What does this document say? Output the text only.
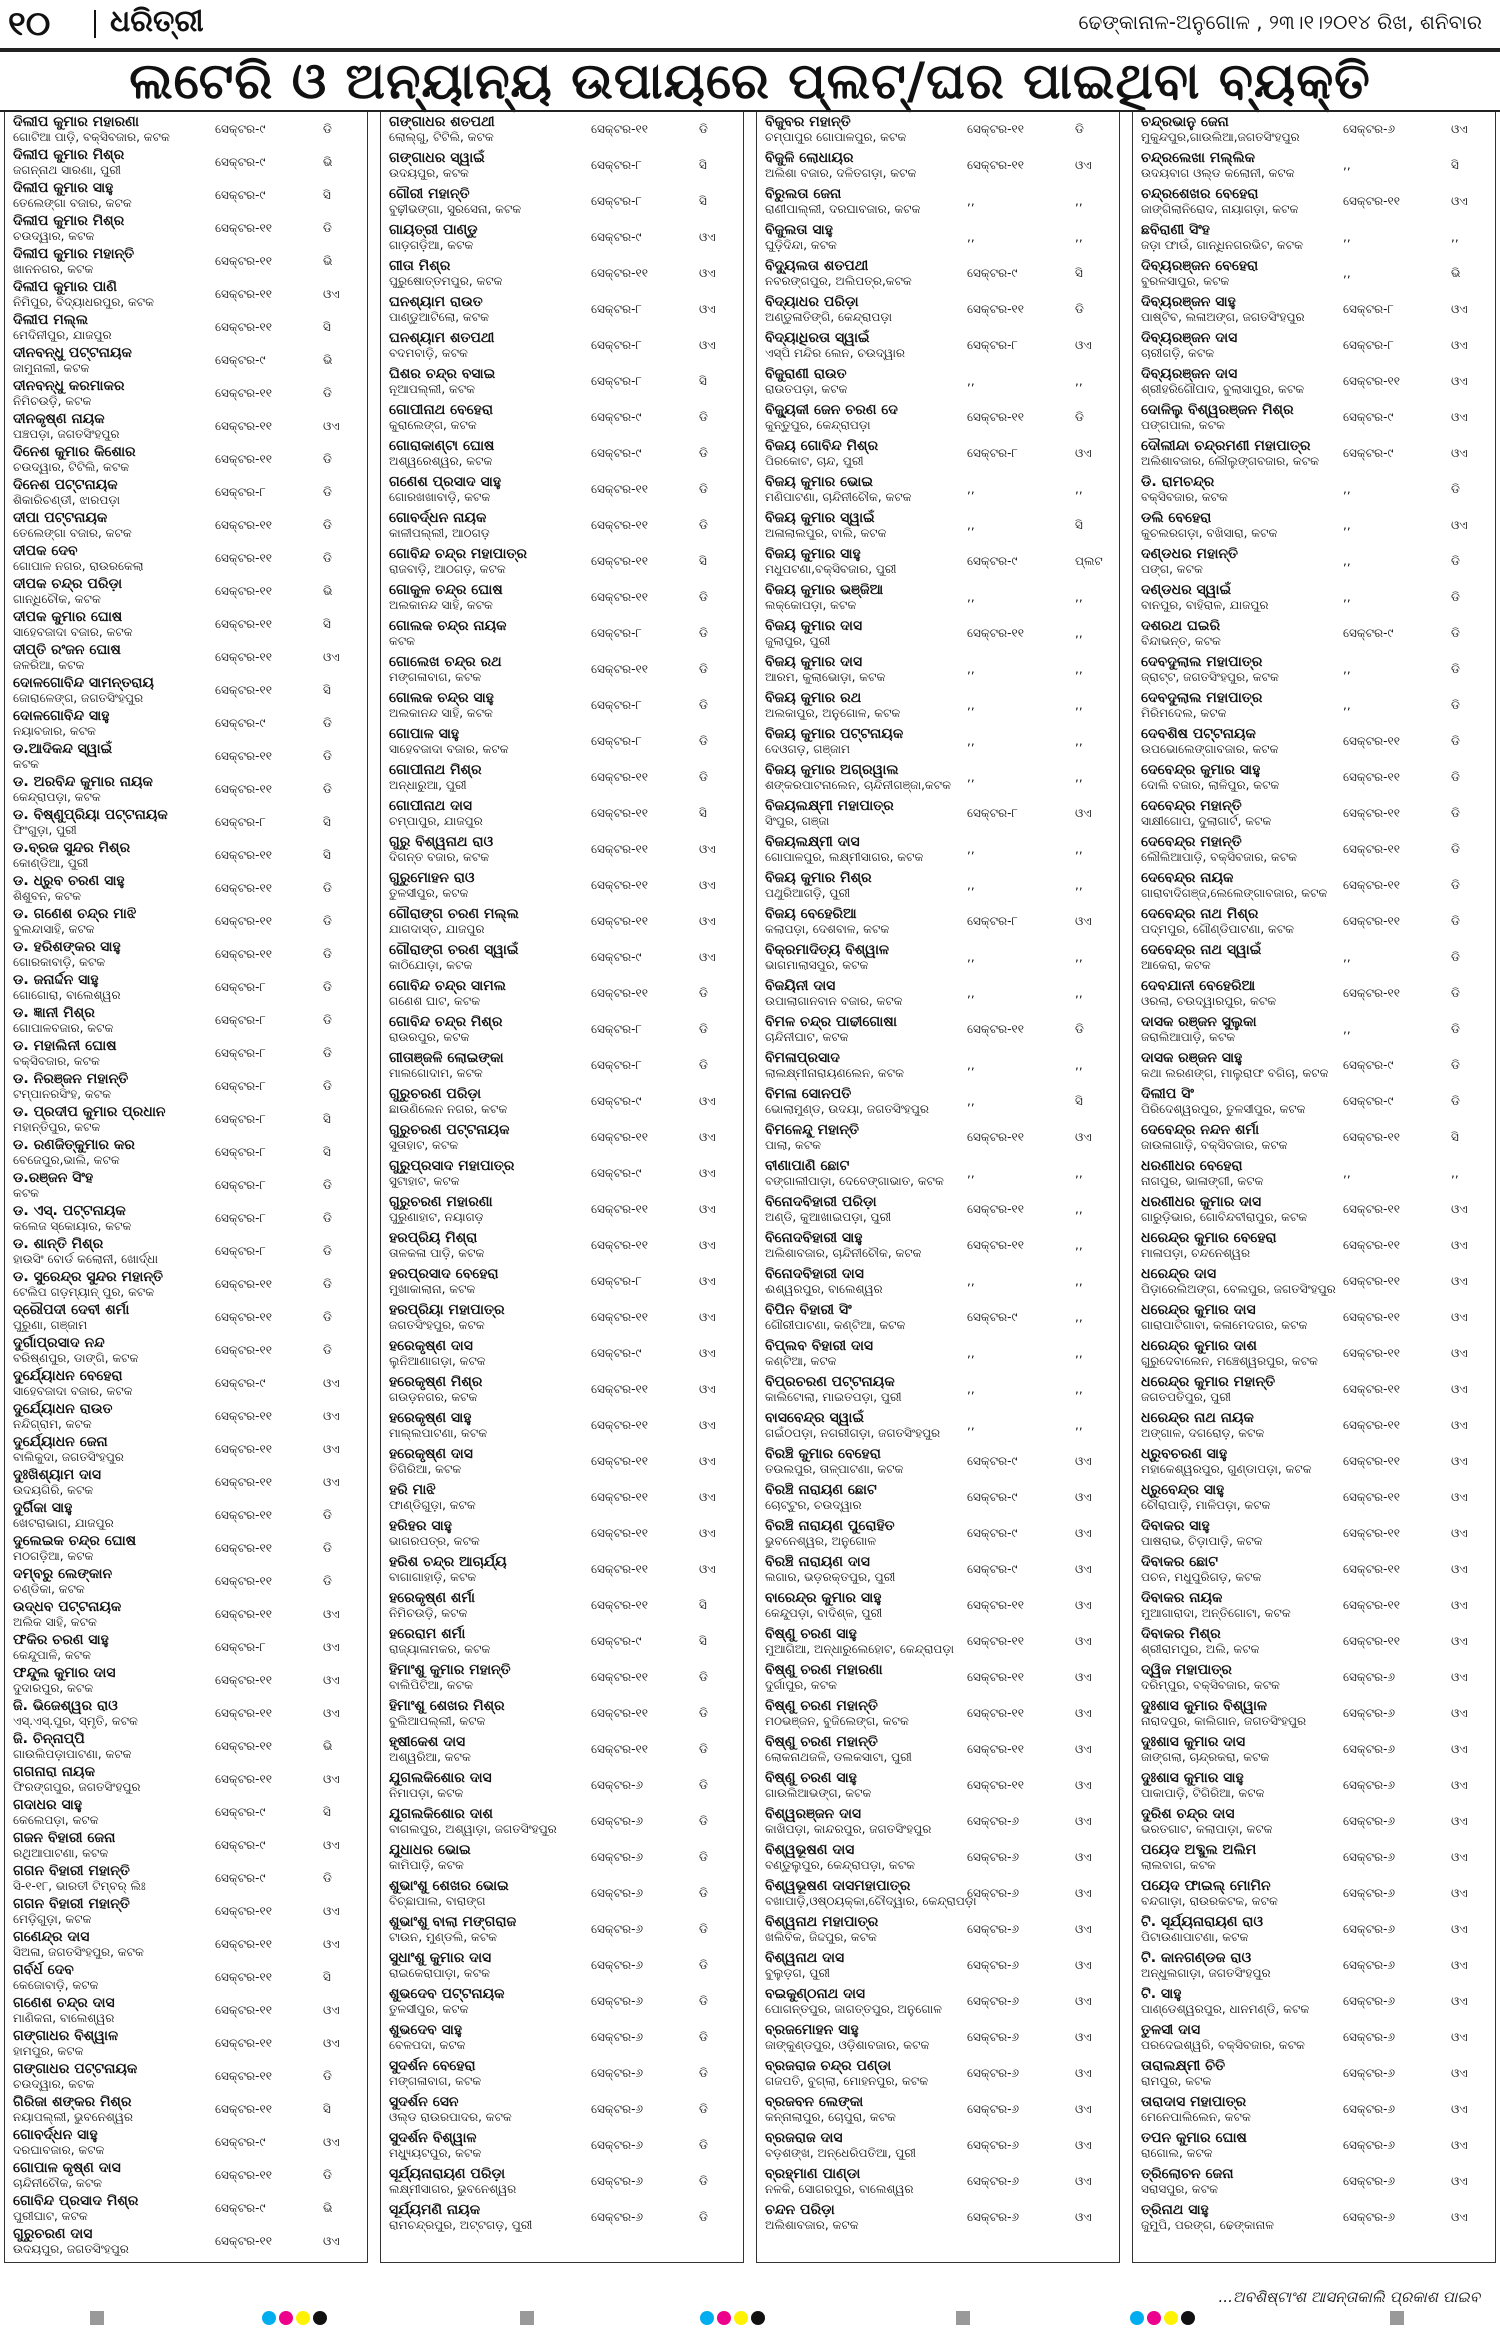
୧୦ ଧରିତ୍ରୀ	ଢେଙ୍କାନାଳ-ଅନୁଗୋଳ , ୨୩।୧।୨୦୧୪ ରିଖ, ଶନିବାର
ଲଟେରି ଓ ଅନ୍ୟାନ୍ୟ ଉପାୟରେ ପ୍ଲଟ୍/ଘର ପାଇଥିବା ବ୍ୟକ୍ତି
ଦିଲୀପ କୁମାର ମହାରଣା
ଗୋଟିଆ ପାଡ଼ି, ବକ୍ସିବଜାର, କଟକ
ସେକ୍ଟର-୯	ଡି
ଦିଲୀପ କୁମାର ମିଶ୍ର
ଜଗନ୍ନାଥ ସାରଣା, ପୁରୀ
ସେକ୍ଟର-୯	ଭି
ଦିଲୀପ କୁମାର ସାହୁ
ତେଲେଙ୍ଗା ବଜାର, କଟକ
ସେକ୍ଟର-୯	ସି
ଦିଲୀପ କୁମାର ମିଶ୍ର
ଚଉଦ୍ୱାର, କଟକ
ସେକ୍ଟର-୧୧	ଡି
ଦିଲୀପ କୁମାର ମହାନ୍ତି
ଖାନନଗର, କଟକ
ସେକ୍ଟର-୧୧	ଭି
ଦିଲୀପ କୁମାର ପାଣି
ନିମିପୁର, ବିଦ୍ୟାଧରପୁର, କଟକ
ସେକ୍ଟର-୧୧	ଓଏ
ଦିଲୀପ ମଲ୍ଲ
ମେଦିନୀପୁର, ଯାଜପୁର
ସେକ୍ଟର-୧୧	ସି
ଦୀନବନ୍ଧୁ ପଟ୍ଟନାୟକ
ଜାମୁନାଲୀ, କଟକ
ସେକ୍ଟର-୯	ଭି
ଦୀନବନ୍ଧୁ କରମାକର
ନିମିଚଉଡ଼ି, କଟକ
ସେକ୍ଟର-୧୧	ଡି
ଦୀନକୃଷ୍ଣ ନାୟକ
ପଞ୍ଚପଡ଼ା, ଜଗତସିଂହପୁର
ସେକ୍ଟର-୧୧	ଓଏ
ଦିନେଶ କୁମାର କିଶୋର
ଚଉଦ୍ୱାର, ଟିଟିଲି, କଟକ
ସେକ୍ଟର-୧୧	ଡି
ଦିନେଶ ପଟ୍ଟନାୟକ
ଶିକାରିଚଣ୍ଡୀ, ଝାରପଡ଼ା
ସେକ୍ଟର-୮	ଡି
ଦୀପା ପଟ୍ଟନାୟକ
ତେଲେଙ୍ଗା ବଜାର, କଟକ
ସେକ୍ଟର-୧୧	ଡି
ଦୀପକ ଦେବ
ଗୋପାଳ ନଗର, ରାଉରକେଲା
ସେକ୍ଟର-୧୧	ଡି
ଦୀପକ ଚନ୍ଦ୍ର ପରିଡ଼ା
ଗାନ୍ଧିଚୌକ, କଟକ
ସେକ୍ଟର-୧୧	ଭି
ଦୀପକ କୁମାର ଘୋଷ
ସାହେବଜାଦା ବଜାର, କଟକ
ସେକ୍ଟର-୧୧	ସି
ଦୀପ୍ତି ରଂଜନ ଘୋଷ
ଜଳରିଆ, କଟକ
ସେକ୍ଟର-୧୧	ଓଏ
ଦୋଳଗୋବିନ୍ଦ ସାମନ୍ତରାୟ
ଜୋରାଳେଙ୍ଗ, ଜଗତସିଂହପୁର
ସେକ୍ଟର-୧୧	ସି
ଦୋଳଗୋବିନ୍ଦ ସାହୁ
ନୟାବଜାର, କଟକ
ସେକ୍ଟର-୯	ଡି
ଡ.ଆଦିକନ୍ଦ ସ୍ୱାଇଁ
କଟକ
ସେକ୍ଟର-୧୧	ଡି
ଡ. ଅରବିନ୍ଦ କୁମାର ନାୟକ
କେନ୍ଦ୍ରାପଡ଼ା, କଟକ
ସେକ୍ଟର-୧୧	ଡି
ଡ. ବିଷ୍ଣୁପ୍ରିୟା ପଟ୍ଟନାୟକ
ଫିଂଗୁଡ଼ା, ପୁରୀ
ସେକ୍ଟର-୮	ସି
ଡ.ବ୍ରଜ ସୁନ୍ଦର ମିଶ୍ର
କୋଣ୍ଡିଆ, ପୁରୀ
ସେକ୍ଟର-୧୧	ସି
ଡ. ଧ୍ରୁବ ଚରଣ ସାହୁ
ଶିଶୁବନ, କଟକ
ସେକ୍ଟର-୧୧	ଡି
ଡ. ଗଣେଶ ଚନ୍ଦ୍ର ମାଝି
ବୁଲନ୍ଦାସାହି, କଟକ
ସେକ୍ଟର-୧୧	ଡି
ଡ. ହରିଶଙ୍କର ସାହୁ
ଗୋରକାବାଡ଼ି, କଟକ
ସେକ୍ଟର-୧୧	ଡି
ଡ. ଜନାର୍ଦ୍ଦନ ସାହୁ
ଗୋଗୋରା, ବାଲେଶ୍ୱର
ସେକ୍ଟର-୮	ଡି
ଡ. ଜ୍ଞାନୀ ମିଶ୍ର
ଗୋପାଳବଜାର, କଟକ
ସେକ୍ଟର-୮	ଡି
ଡ. ମହାଲିନୀ ଘୋଷ
ବକ୍ସିବଜାର, କଟକ
ସେକ୍ଟର-୮	ଡି
ଡ. ନିରଞ୍ଜନ ମହାନ୍ତି
ଟମ୍ପାନରସିଂହ, କଟକ
ସେକ୍ଟର-୮	ଡି
ଡ. ପ୍ରଦୀପ କୁମାର ପ୍ରଧାନ
ମହାନ୍ତିପୁର, କଟକ
ସେକ୍ଟର-୮	ସି
ଡ. ରଣଜିତ୍‌କୁମାର କର
ବେଜେପୁର,ଭାଲି, କଟକ
ସେକ୍ଟର-୮	ସି
ଡ.ରଞ୍ଜନ ସିଂହ
କଟକ
ସେକ୍ଟର-୮	ଡି
ଡ. ଏସ୍. ପଟ୍ଟନାୟକ
କଲେଜ ସ୍କୋୟାର, କଟକ
ସେକ୍ଟର-୮	ଡି
ଡ. ଶାନ୍ତି ମିଶ୍ର
ହାଉସିଂ ବୋର୍ଡ କଲୋନୀ, ଖୋର୍ଦ୍ଧା
ସେକ୍ଟର-୮	ଡି
ଡ. ସୁରେନ୍ଦ୍ର ସୁନ୍ଦର ମହାନ୍ତି
ଟେଲିପ ଗଡ଼ମ୍ୟାନ୍ ପୁର, କଟକ
ସେକ୍ଟର-୧୧	ଡି
ଦ୍ରୌପଦୀ ଦେବୀ ଶର୍ମା
ପୁରୁଣା, ଗଞ୍ଜାମ
ସେକ୍ଟର-୧୧	ଡି
ଦୁର୍ଗାପ୍ରସାଦ ନନ୍ଦ
ବରିଷ୍ଣପୁର, ଡାଙ୍ଗି, କଟକ
ସେକ୍ଟର-୧୧	ଡି
ଦୁର୍ଯ୍ୟୋଧନ ବେହେରା
ସାହେବଜାଦା ବଜାର, କଟକ
ସେକ୍ଟର-୯	ଓଏ
ଦୁର୍ଯ୍ୟୋଧନ ରାଉତ
ନନ୍ଦିଗ୍ରାମ, କଟକ
ସେକ୍ଟର-୧୧	ଓଏ
ଦୁର୍ଯ୍ୟୋଧନ ଜେନା
ବାଲିକୁଦା, ଜଗତସିଂହପୁର
ସେକ୍ଟର-୧୧	ଓଏ
ଦୁଃଖିଶ୍ୟାମ ଦାସ
ଉଦୟଗିରି, କଟକ
ସେକ୍ଟର-୧୧	ଓଏ
ଦୁର୍ଗିକା ସାହୁ
ଖେଟରାଭାଗ, ଯାଜପୁର
ସେକ୍ଟର-୧୧	ଡି
ଦୁଲେଇକ ଚନ୍ଦ୍ର ଘୋଷ
ମଠଗଡ଼ିଆ, କଟକ
ସେକ୍ଟର-୧୧	ଡି
ଦମ୍ବରୁ ଲେଙ୍କାନ
ଚଣ୍ଡିକା, କଟକ
ସେକ୍ଟର-୧୧	ଡି
ଉଦ୍ଧବ ପଟ୍ଟନାୟକ
ଅଲିକ ସାହି, କଟକ
ସେକ୍ଟର-୧୧	ଓଏ
ଫକିର ଚରଣ ସାହୁ
କେନ୍ଦୁପାଳି, କଟକ
ସେକ୍ଟର-୮	ଓଏ
ଫନ୍ଦୁଲ କୁମାର ଦାସ
ଦୁଦାରପୁର, କଟକ
ସେକ୍ଟର-୧୧	ଓଏ
ଜି. ଭିଜେଶ୍ୱର ରାଓ
ଏସ୍.ଏସ୍.ପୁର, ସ୍ମୃତି, କଟକ
ସେକ୍ଟର-୧୧	ଓଏ
ଜି. ଚିନ୍ନାପ୍ପି
ଗାଉଲିପଡ଼ାପାଟଣା, କଟକ
ସେକ୍ଟର-୧୧	ଭି
ଗଗନାରା ନାୟକ
ଫିରଙ୍ଗପୁର, ଜଗତସିଂହପୁର
ସେକ୍ଟର-୧୧	ଓଏ
ଗଦାଧର ସାହୁ
କେଲେପଡ଼ା, କଟକ
ସେକ୍ଟର-୯	ସି
ଗଜନ ବିହାରୀ ଜେନା
ରଥିଆପାଟଣା, କଟକ
ସେକ୍ଟର-୯	ଓଏ
ଗଗନ ବିହାରୀ ମହାନ୍ତି
ସି-୧-୧୮, ଭାରତୀ ଟିମ୍ବର୍ ଲିଃ
ସେକ୍ଟର-୯	ଡି
ଗଗନ ବିହାରୀ ମହାନ୍ତି
ମେଡ଼ିଗୁଡ଼ା, କଟକ
ସେକ୍ଟର-୧୧	ଓଏ
ଗଣେନ୍ଦ୍ର ଦାସ
ସିଅଳା, ଜଗତସିଂହପୁର, କଟକ
ସେକ୍ଟର-୧୧	ଓଏ
ଗର୍ବର୍ଧ ଦେବ
କେଜୋବାଡ଼ି, କଟକ
ସେକ୍ଟର-୧୧	ସି
ଗଣେଶ ଚନ୍ଦ୍ର ଦାସ
ମାଣିକନା, ବାଲେଶ୍ୱର
ସେକ୍ଟର-୧୧	ଓଏ
ଗଙ୍ଗାଧର ବିଶ୍ୱାଳ
ହାମପୁର, କଟକ
ସେକ୍ଟର-୧୧	ଓଏ
ଗଙ୍ଗାଧର ପଟ୍ଟନାୟକ
ଚଉଦ୍ୱାର, କଟକ
ସେକ୍ଟର-୧୧	ଡି
ଗିରିଜା ଶଙ୍କର ମିଶ୍ର
ନୟାପଲ୍ଲୀ, ଭୁବନେଶ୍ୱର
ସେକ୍ଟର-୧୧	ସି
ଗୋବର୍ଦ୍ଧନ ସାହୁ
ଦରଘାବଜାର, କଟକ
ସେକ୍ଟର-୯	ଓଏ
ଗୋପାଳ କୃଷ୍ଣ ଦାସ
ଚାନ୍ଦିନୀଚୌକ, କଟକ
ସେକ୍ଟର-୧୧	ଡି
ଗୋବିନ୍ଦ ପ୍ରସାଦ ମିଶ୍ର
ପୁରୀଘାଟ, କଟକ
ସେକ୍ଟର-୯	ଭି
ଗୁରୁଚରଣ ଦାସ
ଉଦୟପୁର, ଜଗତସିଂହପୁର
ସେକ୍ଟର-୧୧	ଓଏ
ଗଙ୍ଗାଧର ଶତପଥୀ
ଲୋଲ୍ଗୁ, ଟିଟିଲି, କଟକ
ସେକ୍ଟର-୧୧	ଡି
ଗଙ୍ଗାଧର ସ୍ୱାଇଁ
ଉଦୟପୁର, କଟକ
ସେକ୍ଟର-୮	ସି
ଗୌରୀ ମହାନ୍ତି
ବୁଢ଼ୀଭଙ୍ଗା, ସୁରସେନା, କଟକ
ସେକ୍ଟର-୮	ସି
ଗାୟତ୍ରୀ ପାଣ୍ଡୁ
ଗାଡ଼ଗଡ଼ିଆ, କଟକ
ସେକ୍ଟର-୯	ଓଏ
ଗୀତା ମିଶ୍ର
ପୁରୁଷୋତ୍ତମପୁର, କଟକ
ସେକ୍ଟର-୧୧	ଓଏ
ଘନଶ୍ୟାମ ରାଉତ
ପାଣ୍ଡୁଆଟିଲୋ, କଟକ
ସେକ୍ଟର-୮	ଓଏ
ଘନଶ୍ୟାମ ଶତପଥୀ
ବଦମବାଡ଼ି, କଟକ
ସେକ୍ଟର-୮	ଓଏ
ଘିଶର ଚନ୍ଦ୍ର ବସାଇ
ନୂଆପଲ୍ଲୀ, କଟକ
ସେକ୍ଟର-୮	ସି
ଗୋପୀନାଥ ବେହେରା
କୁରାଲେଙ୍ଗ, କଟକ
ସେକ୍ଟର-୯	ଡି
ଗୋରାକାଣ୍ଟା ଘୋଷ
ଅଶ୍ୱରେଶ୍ୱର, କଟକ
ସେକ୍ଟର-୯	ଡି
ଗଣେଶ ପ୍ରସାଦ ସାହୁ
ଗୋରଖଖାବାଡ଼ି, କଟକ
ସେକ୍ଟର-୧୧	ଡି
ଗୋବର୍ଦ୍ଧନ ନାୟକ
କାଳୀପଲ୍ଲୀ, ଆଠଗଡ଼
ସେକ୍ଟର-୧୧	ଡି
ଗୋବିନ୍ଦ ଚନ୍ଦ୍ର ମହାପାତ୍ର
ରାଜବାଡ଼ି, ଆଠଗଡ଼, କଟକ
ସେକ୍ଟର-୧୧	ସି
ଗୋକୁଳ ଚନ୍ଦ୍ର ଘୋଷ
ଅଲକାନନ୍ଦ ସାହି, କଟକ
ସେକ୍ଟର-୧୧	ଡି
ଗୋଲକ ଚନ୍ଦ୍ର ନାୟକ
କଟକ
ସେକ୍ଟର-୮	ଡି
ଗୋଲେଖ ଚନ୍ଦ୍ର ରଥ
ମଙ୍ଗଳାବାଗ, କଟକ
ସେକ୍ଟର-୧୧	ଡି
ଗୋଲକ ଚନ୍ଦ୍ର ସାହୁ
ଅଲକାନନ୍ଦ ସାହି, କଟକ
ସେକ୍ଟର-୮	ଡି
ଗୋପାଳ ସାହୁ
ସାହେବଜାଦା ବଜାର, କଟକ
ସେକ୍ଟର-୮	ଡି
ଗୋପୀନାଥ ମିଶ୍ର
ଅନ୍ଧାରୁଆ, ପୁରୀ
ସେକ୍ଟର-୧୧	ଡି
ଗୋପୀନାଥ ଦାସ
ଚମ୍ପାପୁର, ଯାଜପୁର
ସେକ୍ଟର-୧୧	ସି
ଗୁରୁ ବିଶ୍ୱନାଥ ରାଓ
ଦିଗନ୍ତ ବଜାର, କଟକ
ସେକ୍ଟର-୧୧	ଓଏ
ଗୁରୁମୋହନ ରାଓ
ତୁଳସୀପୁର, କଟକ
ସେକ୍ଟର-୧୧	ଓଏ
ଗୌରାଙ୍ଗ ଚରଣ ମଲ୍ଲ
ଯାଗଦାସ୍ତ, ଯାଜପୁର
ସେକ୍ଟର-୧୧	ଓଏ
ଗୌରାଙ୍ଗ ଚରଣ ସ୍ୱାଇଁ
କାଠିଯୋଡ଼ା, କଟକ
ସେକ୍ଟର-୯	ଓଏ
ଗୋବିନ୍ଦ ଚନ୍ଦ୍ର ସାମଲ
ଗଣେଶ ଘାଟ, କଟକ
ସେକ୍ଟର-୧୧	ଡି
ଗୋବିନ୍ଦ ଚନ୍ଦ୍ର ମିଶ୍ର
ରାଉରପୁର, କଟକ
ସେକ୍ଟର-୮	ଡି
ଗୀତାଞ୍ଜଳି ଲୋଇଙ୍କା
ମାଲଗୋଦାମ, କଟକ
ସେକ୍ଟର-୮	ଡି
ଗୁରୁଚରଣ ପରିଡ଼ା
ଛାଉଣିଲେନ ନଗର, କଟକ
ସେକ୍ଟର-୯	ଓଏ
ଗୁରୁଚରଣ ପଟ୍ଟନାୟକ
ସୁତାହାଟ, କଟକ
ସେକ୍ଟର-୧୧	ଓଏ
ଗୁରୁପ୍ରସାଦ ମହାପାତ୍ର
ସୁଟାହାଟ, କଟକ
ସେକ୍ଟର-୯	ଓଏ
ଗୁରୁଚରଣ ମହାରଣା
ପୁରୁଣାହାଟ, ନୟାଗଡ଼
ସେକ୍ଟର-୧୧	ଓଏ
ହରପ୍ରିୟ ମିଶ୍ରା
ତାଳକଳା ପାଡ଼ି, କଟକ
ସେକ୍ଟର-୧୧	ଓଏ
ହରପ୍ରସାଦ ବେହେରା
ମୁଖାକାଲାନା, କଟକ
ସେକ୍ଟର-୮	ଓଏ
ହରପ୍ରିୟା ମହାପାତ୍ର
ଜଗତସିଂହପୁର, କଟକ
ସେକ୍ଟର-୧୧	ଓଏ
ହରେକୃଷ୍ଣ ଦାସ
ଲୁନିଆଣାଗଡ଼ା, କଟକ
ସେକ୍ଟର-୯	ଓଏ
ହରେକୃଷ୍ଣ ମିଶ୍ର
ଗଉଡ଼ନଗର, କଟକ
ସେକ୍ଟର-୧୧	ଓଏ
ହରେକୃଷ୍ଣ ସାହୁ
ମାଲ୍ଲପାଟଣା, କଟକ
ସେକ୍ଟର-୧୧	ଓଏ
ହରେକୃଷ୍ଣ ଦାସ
ତିଗିରିଆ, କଟକ
ସେକ୍ଟର-୧୧	ଓଏ
ହରି ମାଝି
ଫାଣ୍ଡିଗୁଡ଼ା, କଟକ
ସେକ୍ଟର-୧୧	ଓଏ
ହରିହର ସାହୁ
ଭାଗରପତ୍ର, କଟକ
ସେକ୍ଟର-୧୧	ଓଏ
ହରିଶ ଚନ୍ଦ୍ର ଆଚାର୍ଯ୍ୟ
ବାଗାଗାହାଡ଼ି, କଟକ
ସେକ୍ଟର-୧୧	ଓଏ
ହରେକୃଷ୍ଣ ଶର୍ମା
ନିମିଚଉଡ଼ି, କଟକ
ସେକ୍ଟର-୧୧	ସି
ହରେରାମ ଶର୍ମା
ରାଜ୍ୟାଳାମକର, କଟକ
ସେକ୍ଟର-୯	ସି
ହିମାଂଶୁ କୁମାର ମହାନ୍ତି
ବାଲିପିଟିଆ, କଟକ
ସେକ୍ଟର-୧୧	ଡି
ହିମାଂଶୁ ଶେଖର ମିଶ୍ର
ବୁଲିଆପଲ୍ଲୀ, କଟକ
ସେକ୍ଟର-୧୧	ଡି
ହୃଷୀକେଶ ଦାସ
ଅଶ୍ୱରିଆ, କଟକ
ସେକ୍ଟର-୧୧	ଡି
ଯୁଗଲକିଶୋର ଦାସ
ନିମାପଡ଼ା, କଟକ
ସେକ୍ଟର-୬	ଡି
ଯୁଗଲକିଶୋର ଦାଶ
ବାଗଲପୁର, ଅଶ୍ୱାଡ଼ା, ଜଗତସିଂହପୁର
ସେକ୍ଟର-୬	ଡି
ଯୁଧାଧର ଭୋଇ
କାମିପାଡ଼ି, କଟକ
ସେକ୍ଟର-୬	ଡି
ଶୁଭାଂଶୁ ଶେଖର ଭୋଇ
ବିଚ୍ଛାପାଲ, ବାରାଙ୍ଗ
ସେକ୍ଟର-୬	ଡି
ଶୁଭାଂଶୁ ବାଲା ମଙ୍ଗରାଜ
ଟାଉନ, ମୁଣ୍ଡଲି, କଟକ
ସେକ୍ଟର-୬	ଡି
ସୁଧାଂଶୁ କୁମାର ଦାସ
ରାଇକେରାପାଡ଼ା, କଟକ
ସେକ୍ଟର-୬	ଡି
ଶୁଭଦେବ ପଟ୍ଟନାୟକ
ତୁଳସୀପୁର, କଟକ
ସେକ୍ଟର-୬	ଡି
ଶୁଭଦେବ ସାହୁ
ବେଳପଦା, କଟକ
ସେକ୍ଟର-୬	ଡି
ସୁଦର୍ଶନ ବେହେରା
ମଙ୍ଗଳାବାଗ, କଟକ
ସେକ୍ଟର-୬	ଡି
ସୁଦର୍ଶନ ସେନ
ଓଲ୍ଡ ରାଉରପାଦର, କଟକ
ସେକ୍ଟର-୬	ଡି
ସୁଦର୍ଶନ ବିଶ୍ୱାଳ
ମଧ୍ୟ୍ୟୁଟପୁର, କଟକ
ସେକ୍ଟର-୬	ଡି
ସୂର୍ଯ୍ୟନାରାୟଣ ପରିଡ଼ା
ଲକ୍ଷ୍ମୀସାଗର, ଭୁବନେଶ୍ୱର
ସେକ୍ଟର-୬	ଡି
ସୂର୍ଯ୍ୟମଣି ନାୟକ
ରାମଚନ୍ଦ୍ରପୁର, ଅଟ୍ଟଗଡ଼, ପୁରୀ
ସେକ୍ଟର-୬	ଡି
ବିଜୁବର ମହାନ୍ତି
ଚମ୍ପାପୁର ଗୋପାଳପୁର, କଟକ
ସେକ୍ଟର-୧୧	ଡି
ବିଜୁଳି ଲୋଧାୟର
ଅଲିଶା ବଜାର, ଦଳିତଗଡ଼ା, କଟକ
ସେକ୍ଟର-୧୧	ଓଏ
ବିରୁଲତା ଜେନା
ରାଣୀପାଲ୍ଲୀ, ଦରଘାବଜାର, କଟକ
,,	,,
ବିଜୁଲତା ସାହୁ
ଘୁଡ଼ିଦିନ୍ଦା, କଟକ
,,	,,
ବିଦ୍ୟୁଲତା ଶତପଥୀ
ନବରଙ୍ଗପୁର, ଅଲିପତ୍ର,କଟକ
ସେକ୍ଟର-୯	ସି
ବିଦ୍ୟାଧର ପରିଡ଼ା
ଅଣ୍ଡୁଳାତିଙ୍ଗି, କେନ୍ଦ୍ରାପଡ଼ା
ସେକ୍ଟର-୧୧	ଡି
ବିଦ୍ୟାଧିରତା ସ୍ୱାଇଁ
ଏସ୍‌ପି ମନ୍ଦିର ଲେନ, ଚଉଦ୍ୱାର
ସେକ୍ଟର-୮	ଓଏ
ବିଜୁରାଣୀ ରାଉତ
ରାଉତପଡ଼ା, କଟକ
,,	,,
ବିଜ୍ୟୁକୀ ଜେନ ଚରଣ ଦେ
କୁନ୍ତୁପୁର, କେନ୍ଦ୍ରାପଡ଼ା
ସେକ୍ଟର-୧୧	ଡି
ବିଜୟ ଗୋବିନ୍ଦ ମିଶ୍ର
ପିରକୋଟ, ଚାନ୍ଦ, ପୁରୀ
ସେକ୍ଟର-୮	ଓଏ
ବିଜୟ କୁମାର ଭୋଇ
ମଣିପାଟଣା, ଚାନ୍ଦିନୀଚୌକ, କଟକ
,,	,,
ବିଜୟ କୁମାର ସ୍ୱାଇଁ
ଅଳାଲାଲପୁର, ବାଲି, କଟକ
,,	ସି
ବିଜୟ କୁମାର ସାହୁ
ମଧୁପଟଣା,ବକ୍ସିବଜାର, ପୁରୀ
ସେକ୍ଟର-୯	ପ୍ଲଟ
ବିଜୟ କୁମାର ଭଞ୍ଜିଆ
ଲକ୍କୋପଡ଼ା, କଟକ
,,	,,
ବିଜୟ କୁମାର ଦାସ
ଜୁଲାପୁର, ପୁରୀ
ସେକ୍ଟର-୧୧	,,
ବିଜୟ କୁମାର ଦାସ
ଆରମ, କୁଲାଭୋଡ଼ା, କଟକ
,,	,,
ବିଜୟ କୁମାର ରଥ
ଅଲକାପୁର, ଅନୁଗୋଳ, କଟକ
,,	,,
ବିଜୟ କୁମାର ପଟ୍ଟନାୟକ
ଦେଓଗଡ଼, ଗଞ୍ଜାମ
,,	,,
ବିଜୟ କୁମାର ଅଗ୍ରୱାଲ
ଶଙ୍କରପାଟନାଲେନ, ଚାନ୍ଦିନୀଗଞ୍ଜା,କଟକ
,,	,,
ବିଜୟଲକ୍ଷ୍ମୀ ମହାପାତ୍ର
ସିଂପୁର, ଗଞ୍ଜା
ସେକ୍ଟର-୮	ଓଏ
ବିଜୟଲକ୍ଷ୍ମୀ ଦାସ
ଗୋପାଳପୁର, ଲକ୍ଷ୍ମୀସାଗର, କଟକ
,,	,,
ବିଜୟ କୁମାର ମିଶ୍ର
ପଥୁରିଆଗଡ଼ି, ପୁରୀ
,,	,,
ବିଜୟ ବେହେରିଆ
କଲାପଡ଼ା, ଦେଶବାଳ, କଟକ
ସେକ୍ଟର-୮	ଓଏ
ବିକ୍ରମାଦିତ୍ୟ ବିଶ୍ୱାଳ
ଭାଗମାଲାସପୁର, କଟକ
,,	,,
ବିଜୟିନୀ ଦାସ
ଉପାଲାଗାନବାନ ବଜାର, କଟକ
,,	,,
ବିମଳ ଚନ୍ଦ୍ର ପାଢୀଗୋଷା
ଚାନ୍ଦିନୀଘାଟ, କଟକ
ସେକ୍ଟର-୧୧	ଡି
ବିମଳାପ୍ରସାଦ
ଲାଲକ୍ଷ୍ମୀନାରାୟଣଲେନ, କଟକ
,,	,,
ବିମଳା ସୋନପତି
ଭୋଲାମୁଣ୍ଡ, ଉଦୟା, ଜଗତସିଂହପୁର
,,	ସି
ବିମଳେନ୍ଦୁ ମହାନ୍ତି
ପାଲା, କଟକ
ସେକ୍ଟର-୧୧	ଓଏ
ବୀଣାପାଣି ଛୋଟ
ବଙ୍ଗାଲୀପାଡ଼ା, ଦେବେଙ୍ଗାଭାତ, କଟକ
,,	,,
ବିନୋଦବିହାରୀ ପରିଡ଼ା
ଅଣ୍ଡି, କୁଆଖାଇପଡ଼ା, ପୁରୀ
ସେକ୍ଟର-୧୧	,,
ବିନୋଦବିହାରୀ ସାହୁ
ଅଲିଶାବଜାର, ଚାନ୍ଦିନୀଚୌକ, କଟକ
ସେକ୍ଟର-୧୧	,,
ବିନୋଦବିହାରୀ ଦାସ
ଈଶ୍ୱରପୁର, ବାଲେଶ୍ୱର
,,	,,
ବିପିନ ବିହାରୀ ସିଂ
ଗୌରୀପାଟଣା, କଣ୍ଟିଆ, କଟକ
ସେକ୍ଟର-୯	,,
ବିପ୍ଲବ ବିହାରୀ ଦାସ
କଣ୍ଟିଆ, କଟକ
,,	,,
ବିପ୍ରଚରଣ ପଟ୍ଟନାୟକ
କାଲିଟୋଲା, ମାଇତପଡ଼ା, ପୁରୀ
,,	,,
ବାସବେନ୍ଦ୍ର ସ୍ୱାଇଁ
ଗଇଁଠପଡ଼ା, ନଗରୀଗଡ଼ା, ଜଗତସିଂହପୁର
,,	,,
ବିରଞ୍ଚି କୁମାର ବେହେରା
ତଉଲପୁର, ତାଳ୍ପାଟଣା, କଟକ
ସେକ୍ଟର-୯	ଓଏ
ବିରଞ୍ଚି ନାରାୟଣ ଛୋଟ
ଚୋଟ୍ଟୁର, ଚଉଦ୍ୱାର
ସେକ୍ଟର-୯	ଓଏ
ବିରଞ୍ଚି ନାରାୟଣ ପୁରୋହିତ
ଭୁବନେଶ୍ୱର, ଅନୁଗୋଳ
ସେକ୍ଟର-୯	ଓଏ
ବିରଞ୍ଚି ନାରାୟଣ ଦାସ
ଲଗାର, ଭଡ଼ରକ୍ତପୁର, ପୁରୀ
ସେକ୍ଟର-୯	ଓଏ
ବାରେନ୍ଦ୍ର କୁମାର ସାହୁ
କେନ୍ଦୁପଡ଼ା, ବାଦିଶ୍ଳ, ପୁରୀ
ସେକ୍ଟର-୧୧	ଓଏ
ବିଷ୍ଣୁ ଚରଣ ସାହୁ
ମୁଆଗିଆ, ଅନ୍ଧାରୁଲେହୋଟ, କେନ୍ଦ୍ରାପଡ଼ା
ସେକ୍ଟର-୧୧	ଓଏ
ବିଷ୍ଣୁ ଚରଣ ମହାରଣା
ଦୁର୍ଗାପୁର, କଟକ
ସେକ୍ଟର-୧୧	ଓଏ
ବିଷ୍ଣୁ ଚରଣ ମହାନ୍ତି
ମଠଭଞ୍ଜନ, ବୁଜିଲେଙ୍ଗ, କଟକ
ସେକ୍ଟର-୧୧	ଓଏ
ବିଷ୍ଣୁ ଚରଣ ମହାନ୍ତି
ଲୋକନାଥଜଳି, ଡଲକସାଟା, ପୁରୀ
ସେକ୍ଟର-୧୧	ଓଏ
ବିଷ୍ଣୁ ଚରଣ ସାହୁ
ଗାଉଲିଆଭଙ୍ଗ, କଟକ
ସେକ୍ଟର-୧୧	ଓଏ
ବିଶ୍ୱରଞ୍ଜନ ଦାସ
କାଖିପଡ଼ା, କାନ୍ଦରପୁର, ଜଗତସିଂହପୁର
ସେକ୍ଟର-୬	ଓଏ
ବିଶ୍ୱଭୂଷଣ ଦାସ
ବଣ୍ଡୁଲୁପୁର, କେନ୍ଦ୍ରାପଡ଼ା, କଟକ
ସେକ୍ଟର-୬	ଓଏ
ବିଶ୍ୱଭୂଷଣ ଦାସମହାପାତ୍ର
ବଖାପାଡ଼ି,ଓଷ୍ଠୟକ୍କା,ଚୌଦ୍ୱାର, କେନ୍ଦ୍ରାପଡ଼ା
ସେକ୍ଟର-୬	ଓଏ
ବିଶ୍ୱନାଥ ମହାପାତ୍ର
ଖଲିବିକ, ଜିଦ୍ଦପୁର, କଟକ
ସେକ୍ଟର-୬	ଓଏ
ବିଶ୍ୱନାଥ ଦାସ
ବୁଲୁଡ଼ଗ, ପୁରୀ
ସେକ୍ଟର-୬	ଓଏ
ବଇକୁଣ୍ଠନାଥ ଦାସ
ପୋଗନ୍ତପୁର, ଜାଗତ୍ତପୁର, ଅନୁଗୋଳ
ସେକ୍ଟର-୬	ଓଏ
ବ୍ରଜମୋହନ ସାହୁ
ଜାଙ୍କୁଣ୍ଡପୁର, ଓଡ଼ିଶାବଜାର, କଟକ
ସେକ୍ଟର-୬	ଓଏ
ବ୍ରଜରାଜ ଚନ୍ଦ୍ର ପଣ୍ଡା
ଗଜପତି, ବୁଗ୍‌ଲା, ମୋହନପୁର, କଟକ
ସେକ୍ଟର-୬	ଓଏ
ବ୍ରଜବନ ଲେଙ୍କା
କନ୍ନାଲାପୁର, ଚୋପୁରା, କଟକ
ସେକ୍ଟର-୬	ଓଏ
ବ୍ରଜରାଜ ଦାସ
ବଡ଼ଶଙ୍ଖ, ଅନ୍ଧେରିପତିଆ, ପୁରୀ
ସେକ୍ଟର-୬	ଓଏ
ବ୍ରହ୍ମାଣ ପାଣ୍ଡା
ନଳକି, ସୋଗରପୁର, ବାଲେଶ୍ୱର
ସେକ୍ଟର-୬	ଓଏ
ଚନ୍ଦନ ପରିଡ଼ା
ଅଲିଶାବଜାର, କଟକ
ସେକ୍ଟର-୬	ଓଏ
ଚନ୍ଦ୍ରଭାନୁ ଜେନା
ମୁକୁନ୍ଦପୁର,ଗାଉଲିଆ,ଜଗତସିଂହପୁର
ସେକ୍ଟର-୬	ଓଏ
ଚନ୍ଦ୍ରଲେଖା ମଲ୍ଲିକ
ଉଦୟବାଗ ଓଲ୍ଡ କଲୋନୀ, କଟକ
,,	ସି
ଚନ୍ଦ୍ରଶେଖର ବେହେରା
ଜାଙ୍ଗିଲାନିରୋଦ, ନାୟାଗଡ଼ା, କଟକ
ସେକ୍ଟର-୧୧	ଓଏ
ଛବିରାଣୀ ସିଂହ
ଜଡ଼ା ଫାଉଁ, ଗାନ୍ଧିନଗରଭିଟ, କଟକ
,,	,,
ଦିବ୍ୟରଞ୍ଜନ ବେହେରା
ବୁରଳସାପୁର, କଟକ
,,	ଭି
ଦିବ୍ୟରଞ୍ଜନ ସାହୁ
ପାଷ୍ଟିବ, ଲଳାଅଙ୍ଗ, ଜଗତସିଂହପୁର
ସେକ୍ଟର-୮	ଓଏ
ଦିବ୍ୟରଞ୍ଜନ ଦାସ
ଚାରୀଗଡ଼ି, କଟକ
ସେକ୍ଟର-୮	ଓଏ
ଦିବ୍ୟରଞ୍ଜନ ଦାସ
ଶ୍ରୀହରିଗୌପାଦ, ବୁଲାସାପୁର, କଟକ
ସେକ୍ଟର-୧୧	ଓଏ
ଦୋଳିଲୁ ବିଶ୍ୱରଞ୍ଜନ ମିଶ୍ର
ପଙ୍ଗପାଲ, କଟକ
ସେକ୍ଟର-୯	ଓଏ
ଦୌଲୀନ୍ଦା ଚନ୍ଦ୍ରମଣୀ ମହାପାତ୍ର
ଅଲିଶାବଜାର, ଲୌଲୁଙ୍ଗବଜାର, କଟକ
ସେକ୍ଟର-୯	ଓଏ
ଡି. ରାମଚନ୍ଦ୍ର
ବକ୍ସିବଜାର, କଟକ
,,	ଡି
ଡଲି ବେହେରା
କୁଚଲରଗଡ଼ା, ବଖିସାରା, କଟକ
,,	ଓଏ
ଦଣ୍ଡଧର ମହାନ୍ତି
ପଙ୍ଗ, କଟକ
,,	ଡି
ଦଣ୍ଡଧର ସ୍ୱାଇଁ
ବାନପୁର, ବାହିରାଳ, ଯାଜପୁର
,,	ଡି
ଦଶରଥ ଘଇରି
ବିନ୍ଦାଭନ୍ତ, କଟକ
ସେକ୍ଟର-୯	ଡି
ଦେବଦୁଲାଲ ମହାପାତ୍ର
ଜ୍ରାଟ୍ଟ, ଜଗତସିଂହପୁର, କଟକ
,,	ଡି
ଦେବଦୁଲାଲ ମହାପାତ୍ର
ମିରିମଦେଲ, କଟକ
,,	ଡି
ଦେବଶିଷ ପଟ୍ଟନାୟକ
ଉପଭୋଲେଙ୍ଗାବଜାର, କଟକ
ସେକ୍ଟର-୧୧	ଡି
ଦେବେନ୍ଦ୍ର କୁମାର ସାହୁ
ଦୋଲି ବଜାର, ଲାଳିପୁର, କଟକ
ସେକ୍ଟର-୧୧	ଡି
ଦେବେନ୍ଦ୍ର ମହାନ୍ତି
ସାକ୍ଷୀଗୋପ, ଦୁଲାଗାର୍ଟ, କଟକ
ସେକ୍ଟର-୧୧	ଡି
ଦେବେନ୍ଦ୍ର ମହାନ୍ତି
ଲୌଲିଆପାଡ଼ି, ବକ୍ସିବଜାର, କଟକ
ସେକ୍ଟର-୧୧	ଡି
ଦେବେନ୍ଦ୍ର ନାୟକ
ଗାରାବାଦିଗଞ୍ଜ,ଲେଲେଙ୍ଗାବଜାର, କଟକ
ସେକ୍ଟର-୧୧	ଡି
ଦେବେନ୍ଦ୍ର ନାଥ ମିଶ୍ର
ପଦ୍ମପୁର, ଗୌଣ୍ଡିପାଟଣା, କଟକ
ସେକ୍ଟର-୧୧	ଡି
ଦେବେନ୍ଦ୍ର ନାଥ ସ୍ୱାଇଁ
ଆକେରା, କଟକ
,,	ଡି
ଦେବଯାନୀ ବେହେରିଆ
ଓରଲା, ଚଉଦ୍ୱାରପୁର, କଟକ
ସେକ୍ଟର-୧୧	ଡି
ଦାସକ ରଞ୍ଜନ ସୁଲୁକା
ଜରାଲିଆପାଡ଼ି, କଟକ
,,	ଡି
ଦାସକ ରଞ୍ଜନ ସାହୁ
କଥା ଲରଣଙ୍ଗ, ମାଲୁରାଫ ବଗିଚା, କଟକ
ସେକ୍ଟର-୯	ଡି
ଦିଲୀପ ସିଂ
ପିରିଦେଶ୍ୱରପୁର, ତୁଳସୀପୁର, କଟକ
ସେକ୍ଟର-୯	ଡି
ଦେବେନ୍ଦ୍ର ନନ୍ଦନ ଶର୍ମା
ଜାଉଳାଗାଡ଼ି, ବକ୍ସିବଜାର, କଟକ
ସେକ୍ଟର-୧୧	ସି
ଧରଣୀଧର ବେହେରା
ନାଗପୁର, ଭାଳାଙ୍ଗୀ, କଟକ
,,	,,
ଧରଣୀଧର କୁମାର ଦାସ
ଗାରୁଡ଼ିଭାର, ଗୋବିନ୍ଦବୀରାପୁର, କଟକ
ସେକ୍ଟର-୧୧	ଓଏ
ଧରେନ୍ଦ୍ର କୁମାର ବେହେରା
ମାଳାପଡ଼ା, ଚନ୍ଦନେଶ୍ୱର
ସେକ୍ଟର-୧୧	ଓଏ
ଧରେନ୍ଦ୍ର ଦାସ
ପିଡ଼ାରେଲିଅଙ୍ଗ, ବେଲପୁର, ଜଗତସିଂହପୁର
ସେକ୍ଟର-୧୧	ଓଏ
ଧରେନ୍ଦ୍ର କୁମାର ଦାସ
ଗାରାପାଟିଗାବା, କଳାମେଦଗର, କଟକ
ସେକ୍ଟର-୧୧	ଓଏ
ଧରେନ୍ଦ୍ର କୁମାର ଦାଶ
ଗୁରୁଦେବାଲେନ, ମଞ୍ଚେଶ୍ୱରପୁର, କଟକ
ସେକ୍ଟର-୧୧	ଓଏ
ଧରେନ୍ଦ୍ର କୁମାର ମହାନ୍ତି
ଜଗତପତିପୁର, ପୁରୀ
ସେକ୍ଟର-୧୧	ଓଏ
ଧରେନ୍ଦ୍ର ନାଥ ନାୟକ
ଅଙ୍ଗାଳ, ଦଗରୋଡ଼, କଟକ
ସେକ୍ଟର-୧୧	ଓଏ
ଧ୍ରୁବଚରଣ ସାହୁ
ମହାକେଶ୍ୱରପୁର, ଗୁଣ୍ଡାପଡ଼ା, କଟକ
ସେକ୍ଟର-୧୧	ଓଏ
ଧ୍ରୁବେନ୍ଦ୍ର ସାହୁ
ଚୌରାପାଡ଼ି, ମାଳିପଡ଼ା, କଟକ
ସେକ୍ଟର-୧୧	ଓଏ
ଦିବାକର ସାହୁ
ପାଷରାଭ, ଚିଡ଼ାପାଡ଼ି, କଟକ
ସେକ୍ଟର-୧୧	ଓଏ
ଦିବାକର ଛୋଟ
ପଚନ, ମଧୁପୁରିଗଡ଼, କଟକ
ସେକ୍ଟର-୧୧	ଓଏ
ଦିବାକର ନାୟକ
ମୁଆଗାରାଦା, ଅନ୍ତିଗୋଟା, କଟକ
ସେକ୍ଟର-୧୧	ଓଏ
ଦିବାକର ମିଶ୍ର
ଶ୍ରୀରାମପୁର, ଅଲି, କଟକ
ସେକ୍ଟର-୧୧	ଓଏ
ଦ୍ୱିଜ ମହାପାତ୍ର
ଦରିମ୍ପୁର, ବକ୍ସିବଜାର, କଟକ
ସେକ୍ଟର-୬	ଓଏ
ଦୁଃଶାସ କୁମାର ବିଶ୍ୱାଳ
ନାରାଦପୁର, କାଲିଗାନ, ଜଗତସିଂହପୁର
ସେକ୍ଟର-୬	ଓଏ
ଦୁଃଶାସ କୁମାର ଦାସ
ଜାଙ୍ଗଲା, ଚାନ୍ଦ୍ରକରା, କଟକ
ସେକ୍ଟର-୬	ଓଏ
ଦୁଃଶାସ କୁମାର ସାହୁ
ପାକାପାଡ଼ି, ଟିଗିରିଆ, କଟକ
ସେକ୍ଟର-୬	ଓଏ
ଦୁରିଶ ଚନ୍ଦ୍ର ଦାସ
ଭରତଗାଟ, କଲାପାଡ଼ା, କଟକ
ସେକ୍ଟର-୬	ଓଏ
ପୟେଦ ଅବ୍ଦୁଲ ଅଲିମ
ଲାଲବାଗ, କଟକ
ସେକ୍ଟର-୬	ଓଏ
ପୟେଦ ଫାଇଲ୍ ମୋମିନ
ବନ୍ଦଗାଡ଼ା, ରାଉରକଟକ, କଟକ
ସେକ୍ଟର-୬	ଓଏ
ଟି. ସୂର୍ଯ୍ୟନାରାୟଣ ରାଓ
ପିଟାଉଣାପାଟଣା, କଟକ
ସେକ୍ଟର-୬	ଓଏ
ଟି. କାନଗଣ୍ଡଜ ରାଓ
ଅନ୍ଧୁଲଗାଡ଼ା, ଜଗତସିଂହପୁର
ସେକ୍ଟର-୬	ଓଏ
ଟି. ସାହୁ
ପାଣ୍ଡେଶ୍ୱରପୁର, ଧାନମଣ୍ଡି, କଟକ
ସେକ୍ଟର-୬	ଓଏ
ତୁଳସୀ ଦାସ
ପରଦେଇଶ୍ୱରି, ବକ୍ସିବଜାର, କଟକ
ସେକ୍ଟର-୬	ଓଏ
ତାରାଲକ୍ଷ୍ମୀ ଚିତି
ରାମପୁର, କଟକ
ସେକ୍ଟର-୬	ଓଏ
ତାରାଦାସ ମହାପାତ୍ର
ମେନେପାଲିଲେନ, କଟକ
ସେକ୍ଟର-୬	ଓଏ
ତପନ କୁମାର ଘୋଷ
ରାଗୋଲ, କଟକ
ସେକ୍ଟର-୬	ଓଏ
ତ୍ରିଲୋଚନ ଜେନା
ସରାସପୁର, କଟକ
ସେକ୍ଟର-୬	ଓଏ
ତ୍ରିନାଥ ସାହୁ
ଜୁମୁପି, ପରଙ୍ଗ, ଢେଙ୍କାନାଳ
ସେକ୍ଟର-୬	ଓଏ
...ଅବଶିଷ୍ଟାଂଶ ଆସନ୍ତାକାଲି ପ୍ରକାଶ ପାଇବ
